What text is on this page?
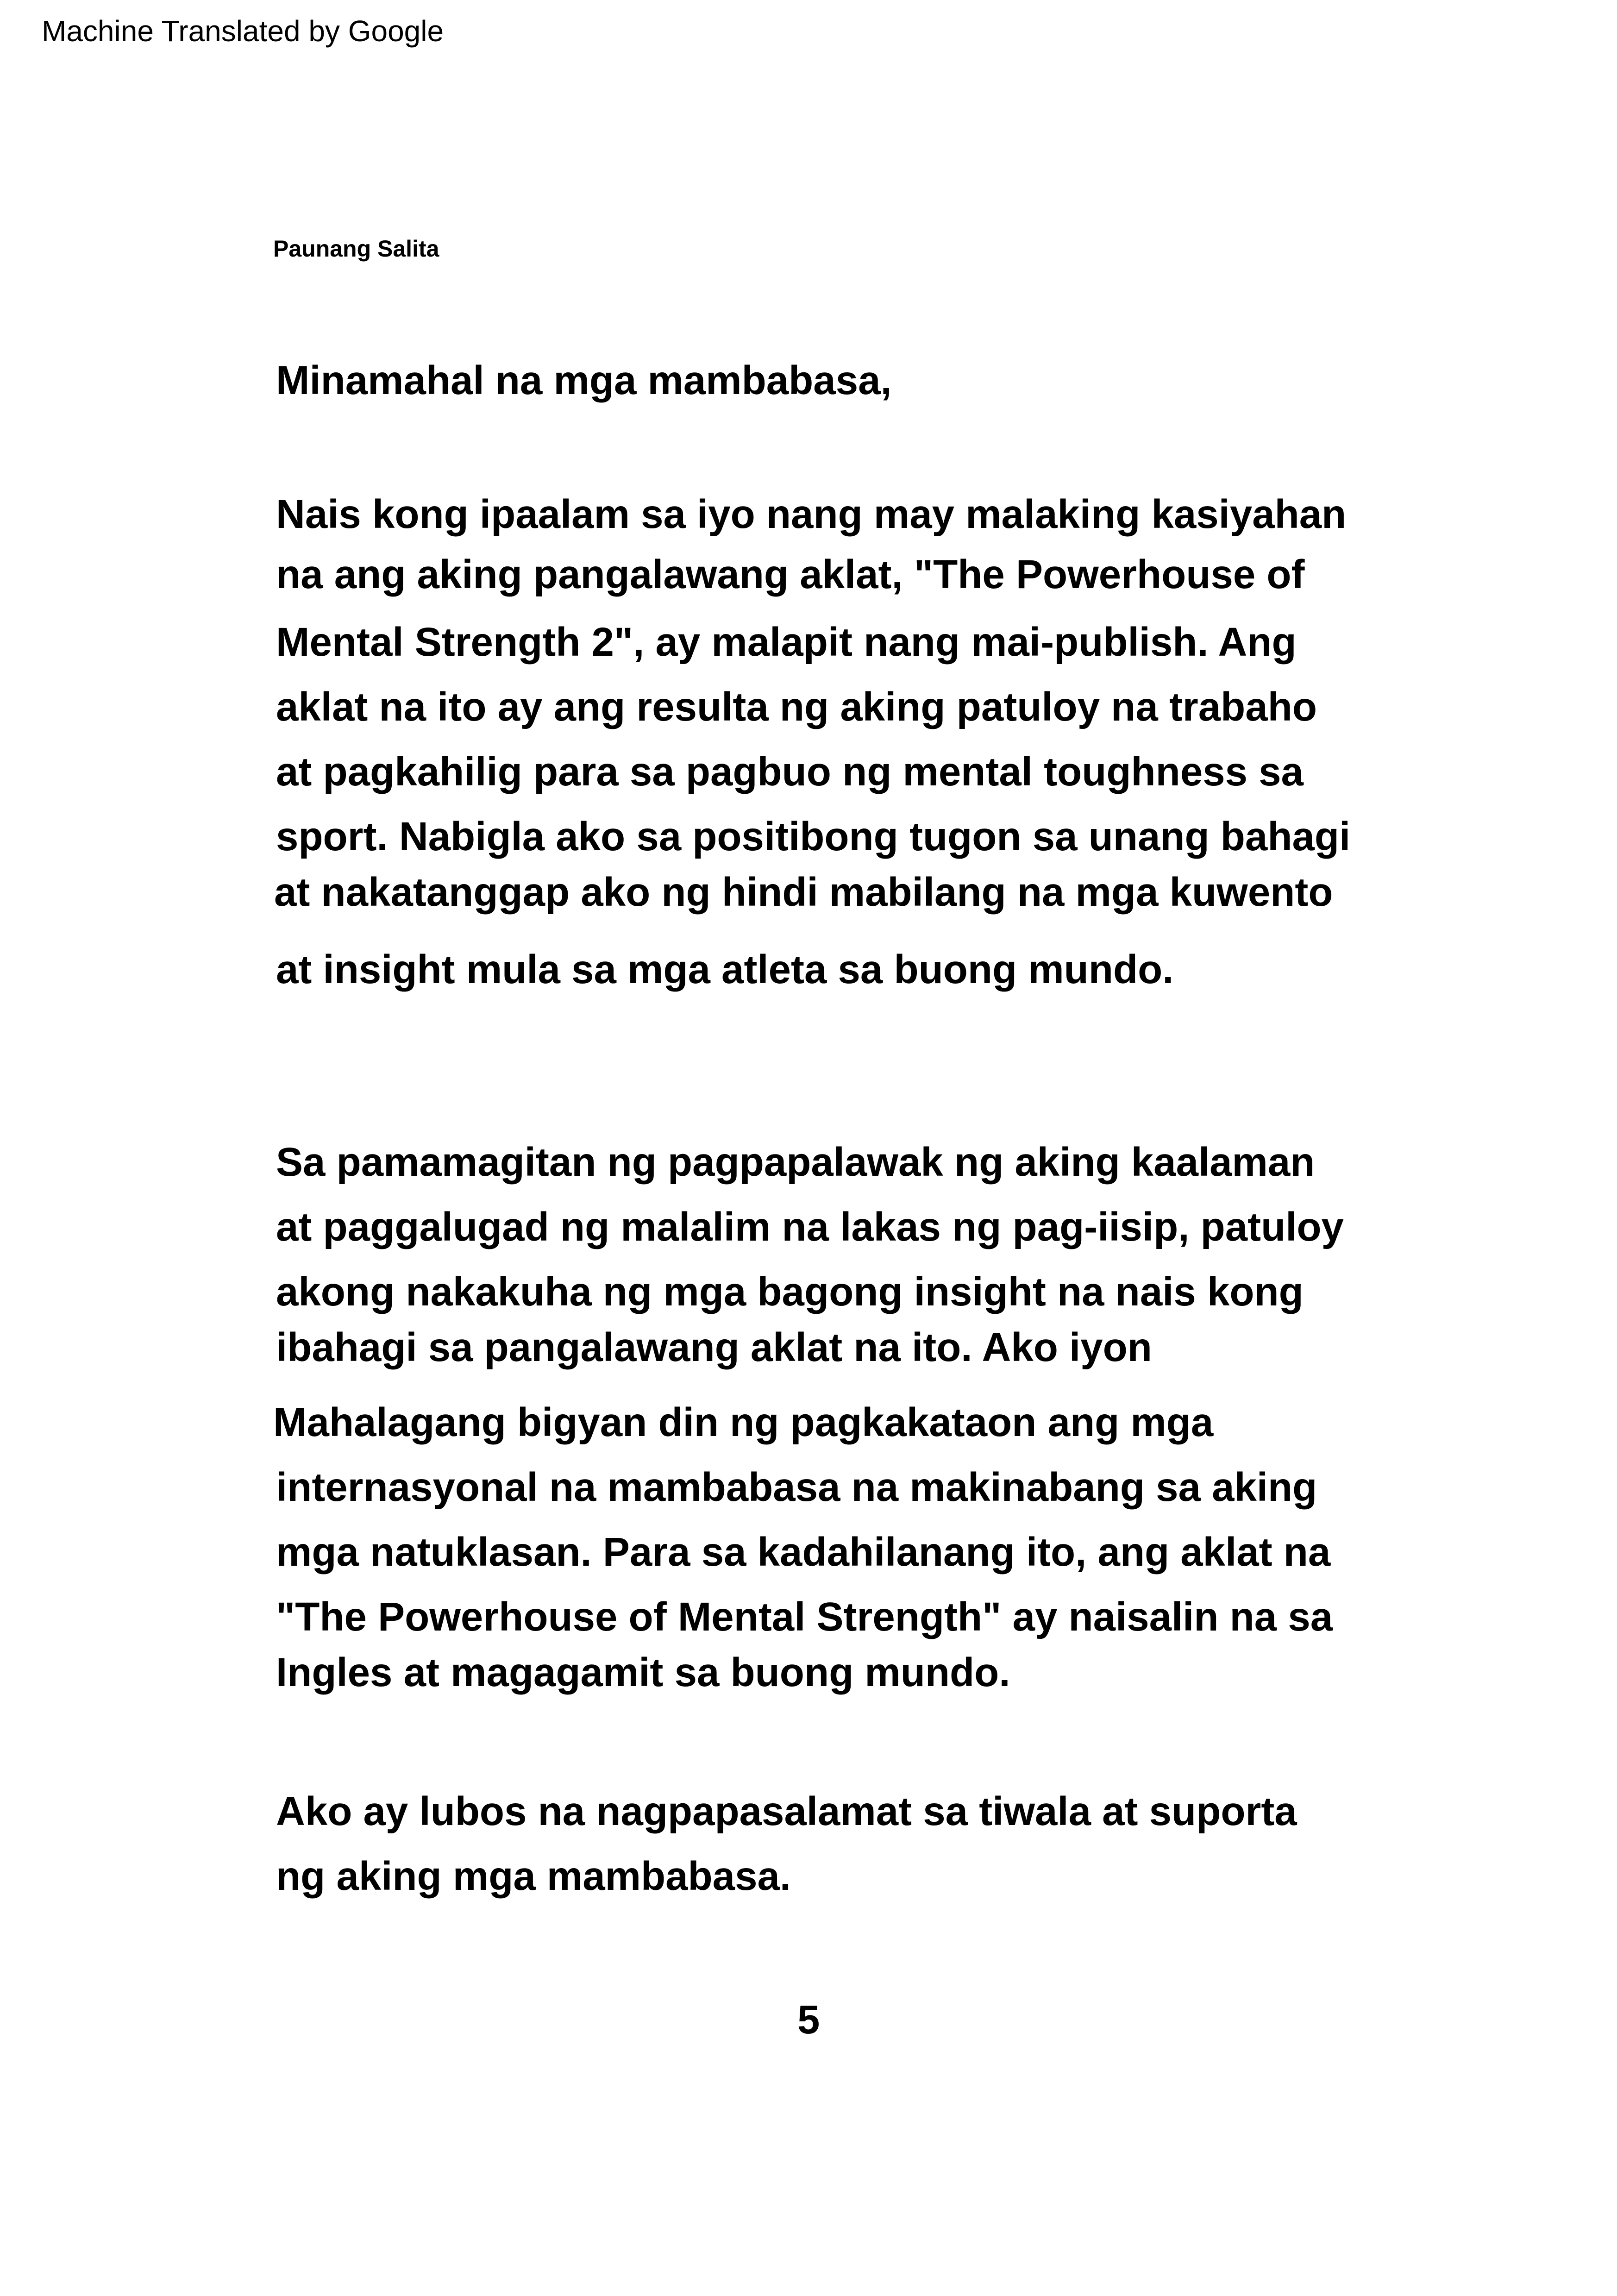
Machine Translated by Google
Paunang Salita
Minamahal na mga mambabasa,
Nais kong ipaalam sa iyo nang may malaking kasiyahan
na ang aking pangalawang aklat, "The Powerhouse of
Mental Strength 2", ay malapit nang mai-publish. Ang
aklat na ito ay ang resulta ng aking patuloy na trabaho
at pagkahilig para sa pagbuo ng mental toughness sa
sport. Nabigla ako sa positibong tugon sa unang bahagi
at nakatanggap ako ng hindi mabilang na mga kuwento
at insight mula sa mga atleta sa buong mundo.
Sa pamamagitan ng pagpapalawak ng aking kaalaman
at paggalugad ng malalim na lakas ng pag-iisip, patuloy
akong nakakuha ng mga bagong insight na nais kong
ibahagi sa pangalawang aklat na ito. Ako iyon
Mahalagang bigyan din ng pagkakataon ang mga
internasyonal na mambabasa na makinabang sa aking
mga natuklasan. Para sa kadahilanang ito, ang aklat na
"The Powerhouse of Mental Strength" ay naisalin na sa
Ingles at magagamit sa buong mundo.
Ako ay lubos na nagpapasalamat sa tiwala at suporta
ng aking mga mambabasa.
5
